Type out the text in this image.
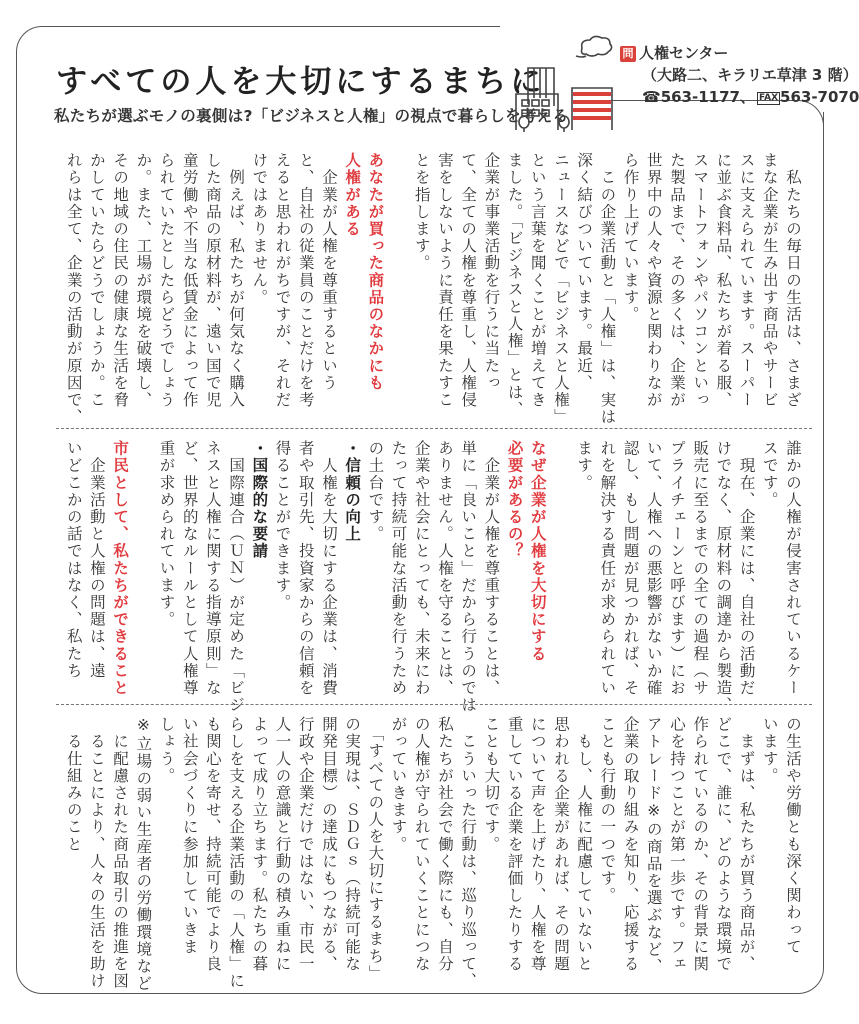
すべての人を大切にするまちに
私たちが選ぶモノの裏側は?「ビジネスと人権」の視点で暮らしを考える
問 人権センター
（大路二、キラリエ草津 3 階）
☎563-1177、 FAX 563-7070
　私たちの毎日の生活は、さまざ
まな企業が生み出す商品やサービ
スに支えられています。スーパー
に並ぶ食料品、私たちが着る服、
スマートフォンやパソコンといっ
た製品まで、その多くは、企業が
世界中の人々や資源と関わりなが
ら作り上げています。
　この企業活動と「人権」は、実は
深く結びついています。最近、
ニュースなどで「ビジネスと人権」
という言葉を聞くことが増えてき
ました。「ビジネスと人権」とは、
企業が事業活動を行うに当たっ
て、全ての人権を尊重し、人権侵
害をしないように責任を果たすこ
とを指します。

あなたが買った商品のなかにも
人権がある
　企業が人権を尊重するという
と、自社の従業員のことだけを考
えると思われがちですが、それだ
けではありません。
　例えば、私たちが何気なく購入
した商品の原材料が、遠い国で児
童労働や不当な低賃金によって作
られていたとしたらどうでしょう
か。また、工場が環境を破壊し、
その地域の住民の健康な生活を脅
かしていたらどうでしょうか。こ
れらは全て、企業の活動が原因で、
誰かの人権が侵害されているケー
スです。
　現在、企業には、自社の活動だ
けでなく、原材料の調達から製造、
販売に至るまでの全ての過程（サ
プライチェーンと呼びます）にお
いて、人権への悪影響がないか確
認し、もし問題が見つかれば、そ
れを解決する責任が求められてい
ます。

なぜ企業が人権を大切にする
必要があるの？
　企業が人権を尊重することは、
単に「良いこと」だから行うのでは
ありません。人権を守ることは、
企業や社会にとっても、未来にわ
たって持続可能な活動を行うため
の土台です。
・信頼の向上
　人権を大切にする企業は、消費
者や取引先、投資家からの信頼を
得ることができます。
・国際的な要請
　国際連合（ＵＮ）が定めた「ビジ
ネスと人権に関する指導原則」な
ど、世界的なルールとして人権尊
重が求められています。

市民として、私たちができること
　企業活動と人権の問題は、遠
いどこかの話ではなく、私たち
の生活や労働とも深く関わって
います。
　まずは、私たちが買う商品が、
どこで、誰に、どのような環境で
作られているのか、その背景に関
心を持つことが第一歩です。フェ
アトレード※の商品を選ぶなど、
企業の取り組みを知り、応援する
ことも行動の一つです。
　もし、人権に配慮していないと
思われる企業があれば、その問題
について声を上げたり、人権を尊
重している企業を評価したりする
ことも大切です。
　こういった行動は、巡り巡って、
私たちが社会で働く際にも、自分
の人権が守られていくことにつな
がっていきます。
　「すべての人を大切にするまち」
の実現は、ＳＤＧｓ（持続可能な
開発目標）の達成にもつながる、
行政や企業だけではない、市民一
人一人の意識と行動の積み重ねに
よって成り立ちます。私たちの暮
らしを支える企業活動の「人権」に
も関心を寄せ、持続可能でより良
い社会づくりに参加していきま
しょう。
※立場の弱い生産者の労働環境など
　に配慮された商品取引の推進を図
　ることにより、人々の生活を助け
　る仕組みのこと
